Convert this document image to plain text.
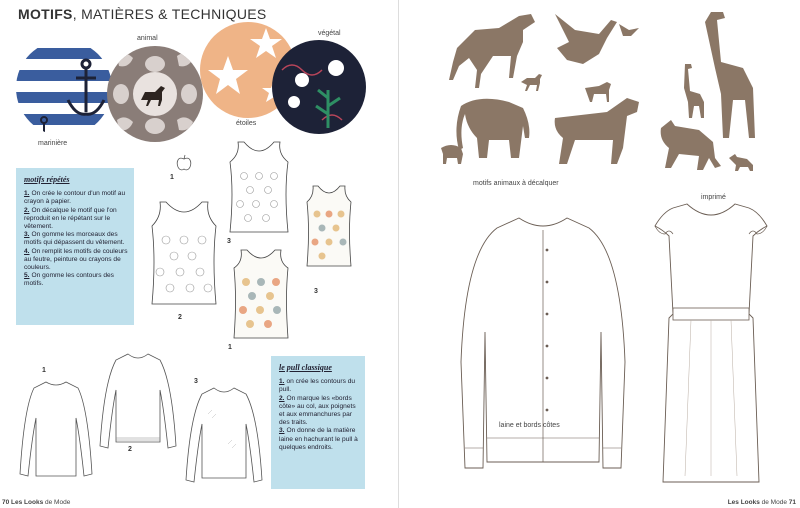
MOTIFS, MATIÈRES & TECHNIQUES
marinière
animal
étoiles
végétal
motifs répétés
1. On crée le contour d'un motif au crayon à papier.
2. On décalque le motif que l'on reproduit en le répétant sur le vêtement.
3. On gomme les morceaux des motifs qui dépassent du vêtement.
4. On remplit les motifs de couleurs au feutre, peinture ou crayons de couleurs.
5. On gomme les contours des motifs.
1
2
3
1
3
1
2
3
le pull classique
1. on crée les contours du pull.
2. On marque les «bords côte» au col, aux poignets et aux emmanchures par des traits.
3. On donne de la matière laine en hachurant le pull à quelques endroits.
70 Les Looks de Mode
motifs animaux à décalquer
laine et bords côtes
imprimé
Les Looks de Mode 71
